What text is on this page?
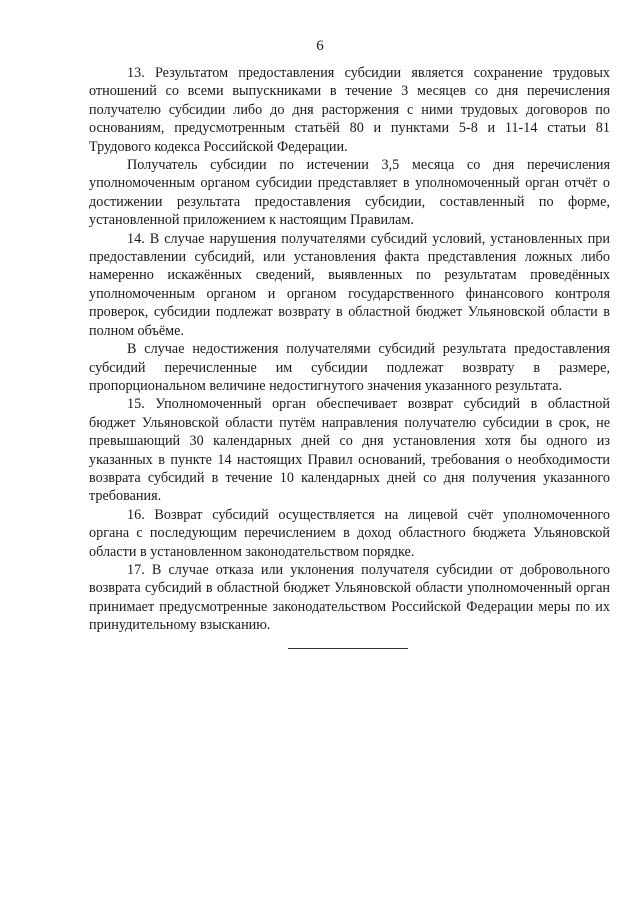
6

13. Результатом предоставления субсидии является сохранение трудовых отношений со всеми выпускниками в течение 3 месяцев со дня перечисления получателю субсидии либо до дня расторжения с ними трудовых договоров по основаниям, предусмотренным статьёй 80 и пунктами 5-8 и 11-14 статьи 81 Трудового кодекса Российской Федерации.

Получатель субсидии по истечении 3,5 месяца со дня перечисления уполномоченным органом субсидии представляет в уполномоченный орган отчёт о достижении результата предоставления субсидии, составленный по форме, установленной приложением к настоящим Правилам.

14. В случае нарушения получателями субсидий условий, установленных при предоставлении субсидий, или установления факта представления ложных либо намеренно искажённых сведений, выявленных по результатам проведённых уполномоченным органом и органом государственного финансового контроля проверок, субсидии подлежат возврату в областной бюджет Ульяновской области в полном объёме.

В случае недостижения получателями субсидий результата предоставления субсидий перечисленные им субсидии подлежат возврату в размере, пропорциональном величине недостигнутого значения указанного результата.

15. Уполномоченный орган обеспечивает возврат субсидий в областной бюджет Ульяновской области путём направления получателю субсидии в срок, не превышающий 30 календарных дней со дня установления хотя бы одного из указанных в пункте 14 настоящих Правил оснований, требования о необходимости возврата субсидий в течение 10 календарных дней со дня получения указанного требования.

16. Возврат субсидий осуществляется на лицевой счёт уполномоченного органа с последующим перечислением в доход областного бюджета Ульяновской области в установленном законодательством порядке.

17. В случае отказа или уклонения получателя субсидии от добровольного возврата субсидий в областной бюджет Ульяновской области уполномоченный орган принимает предусмотренные законодательством Российской Федерации меры по их принудительному взысканию.
